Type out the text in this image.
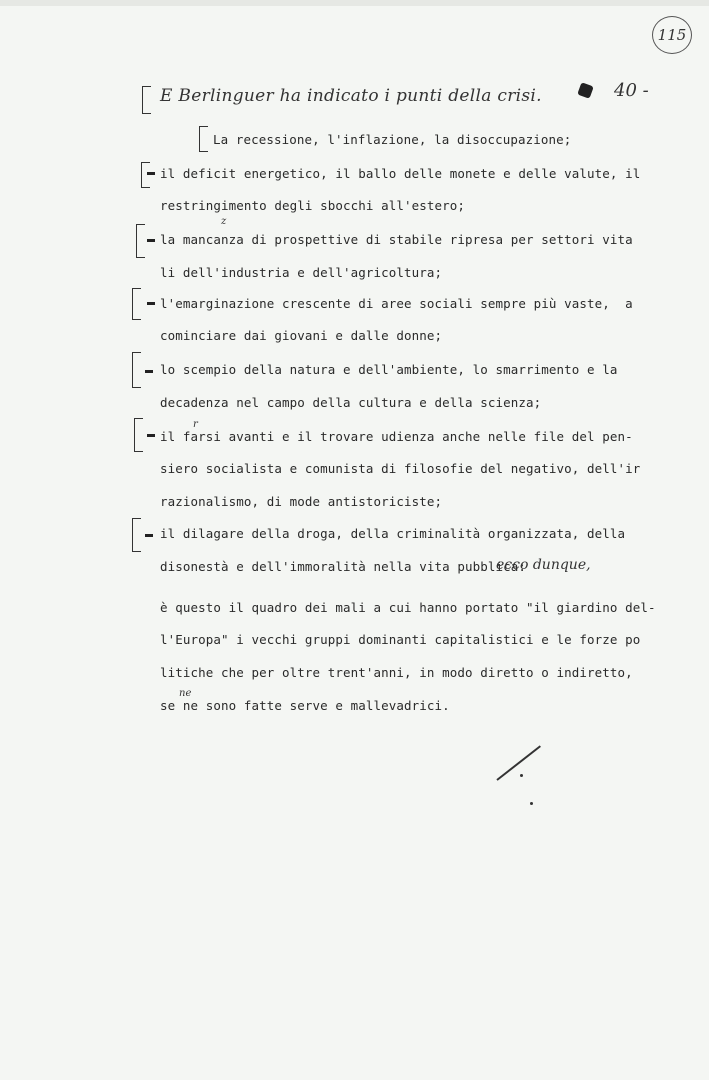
115
E Berlinguer ha indicato i punti della crisi.	40 -
La recessione, l'inflazione, la disoccupazione;
il deficit energetico, il ballo delle monete e delle valute, il
restringimento degli sbocchi all'estero;
z
la mancanza di prospettive di stabile ripresa per settori vita
li dell'industria e dell'agricoltura;
l'emarginazione crescente di aree sociali sempre più vaste,  a
cominciare dai giovani e dalle donne;
lo scempio della natura e dell'ambiente, lo smarrimento e la
decadenza nel campo della cultura e della scienza;
r
il farsi avanti e il trovare udienza anche nelle file del pen-
siero socialista e comunista di filosofie del negativo, dell'ir
razionalismo, di mode antistoriciste;
il dilagare della droga, della criminalità organizzata, della
disonestà e dell'immoralità nella vita pubblica:
ecco dunque,
è questo il quadro dei mali a cui hanno portato "il giardino del-
l'Europa" i vecchi gruppi dominanti capitalistici e le forze po
litiche che per oltre trent'anni, in modo diretto o indiretto,
ne
se ne sono fatte serve e mallevadrici.
